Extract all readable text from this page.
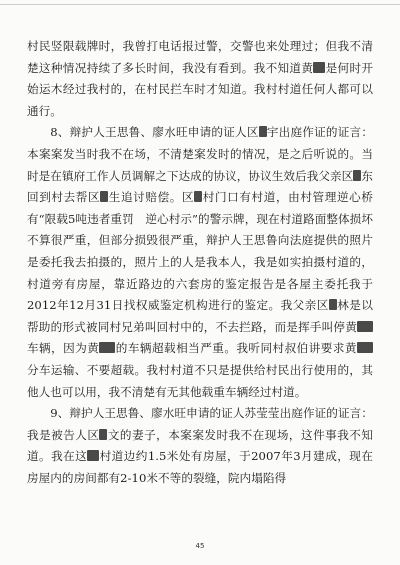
村民竖限载牌时，我曾打电话报过警，交警也来处理过；但我不清楚这种情况持续了多长时间，我没有看到。我不知道黄 是何时开始运木经过我村的，在村民拦车时才知道。我村村道任何人都可以通行。

8、辩护人王思鲁、廖水旺申请的证人区 宇出庭作证的证言：本案案发当时我不在场，不清楚案发时的情况，是之后听说的。当时是在镇府工作人员调解之下达成的协议，协议生效后我父亲区 东回到村去帮区 生追讨赔偿。区 村门口有村道，由村管理逆心桥有“限载5吨违者重罚　逆心村示”的警示牌，现在村道路面整体损坏不算很严重，但部分损毁很严重，辩护人王思鲁向法庭提供的照片是委托我去拍摄的，照片上的人是我本人，我是如实拍摄村道的，村道旁有房屋，靠近路边的六套房的鉴定报告是各屋主委托我于2012年12月31日找权威鉴定机构进行的鉴定。我父亲区 林是以帮助的形式被同村兄弟叫回村中的，不去拦路，而是挥手叫停黄车辆，因为黄 的车辆超载相当严重。我听同村叔伯讲要求黄分车运输、不要超载。我村村道不只是提供给村民出行使用的，其他人也可以用，我不清楚有无其他载重车辆经过村道。

9、辩护人王思鲁、廖水旺申请的证人苏莹莹出庭作证的证言：我是被告人区 文的妻子，本案案发时我不在现场，这件事我不知道。我在这 村道边约1.5米处有房屋，于2007年3月建成，现在房屋内的房间都有2-10米不等的裂缝，院内塌陷得

45
